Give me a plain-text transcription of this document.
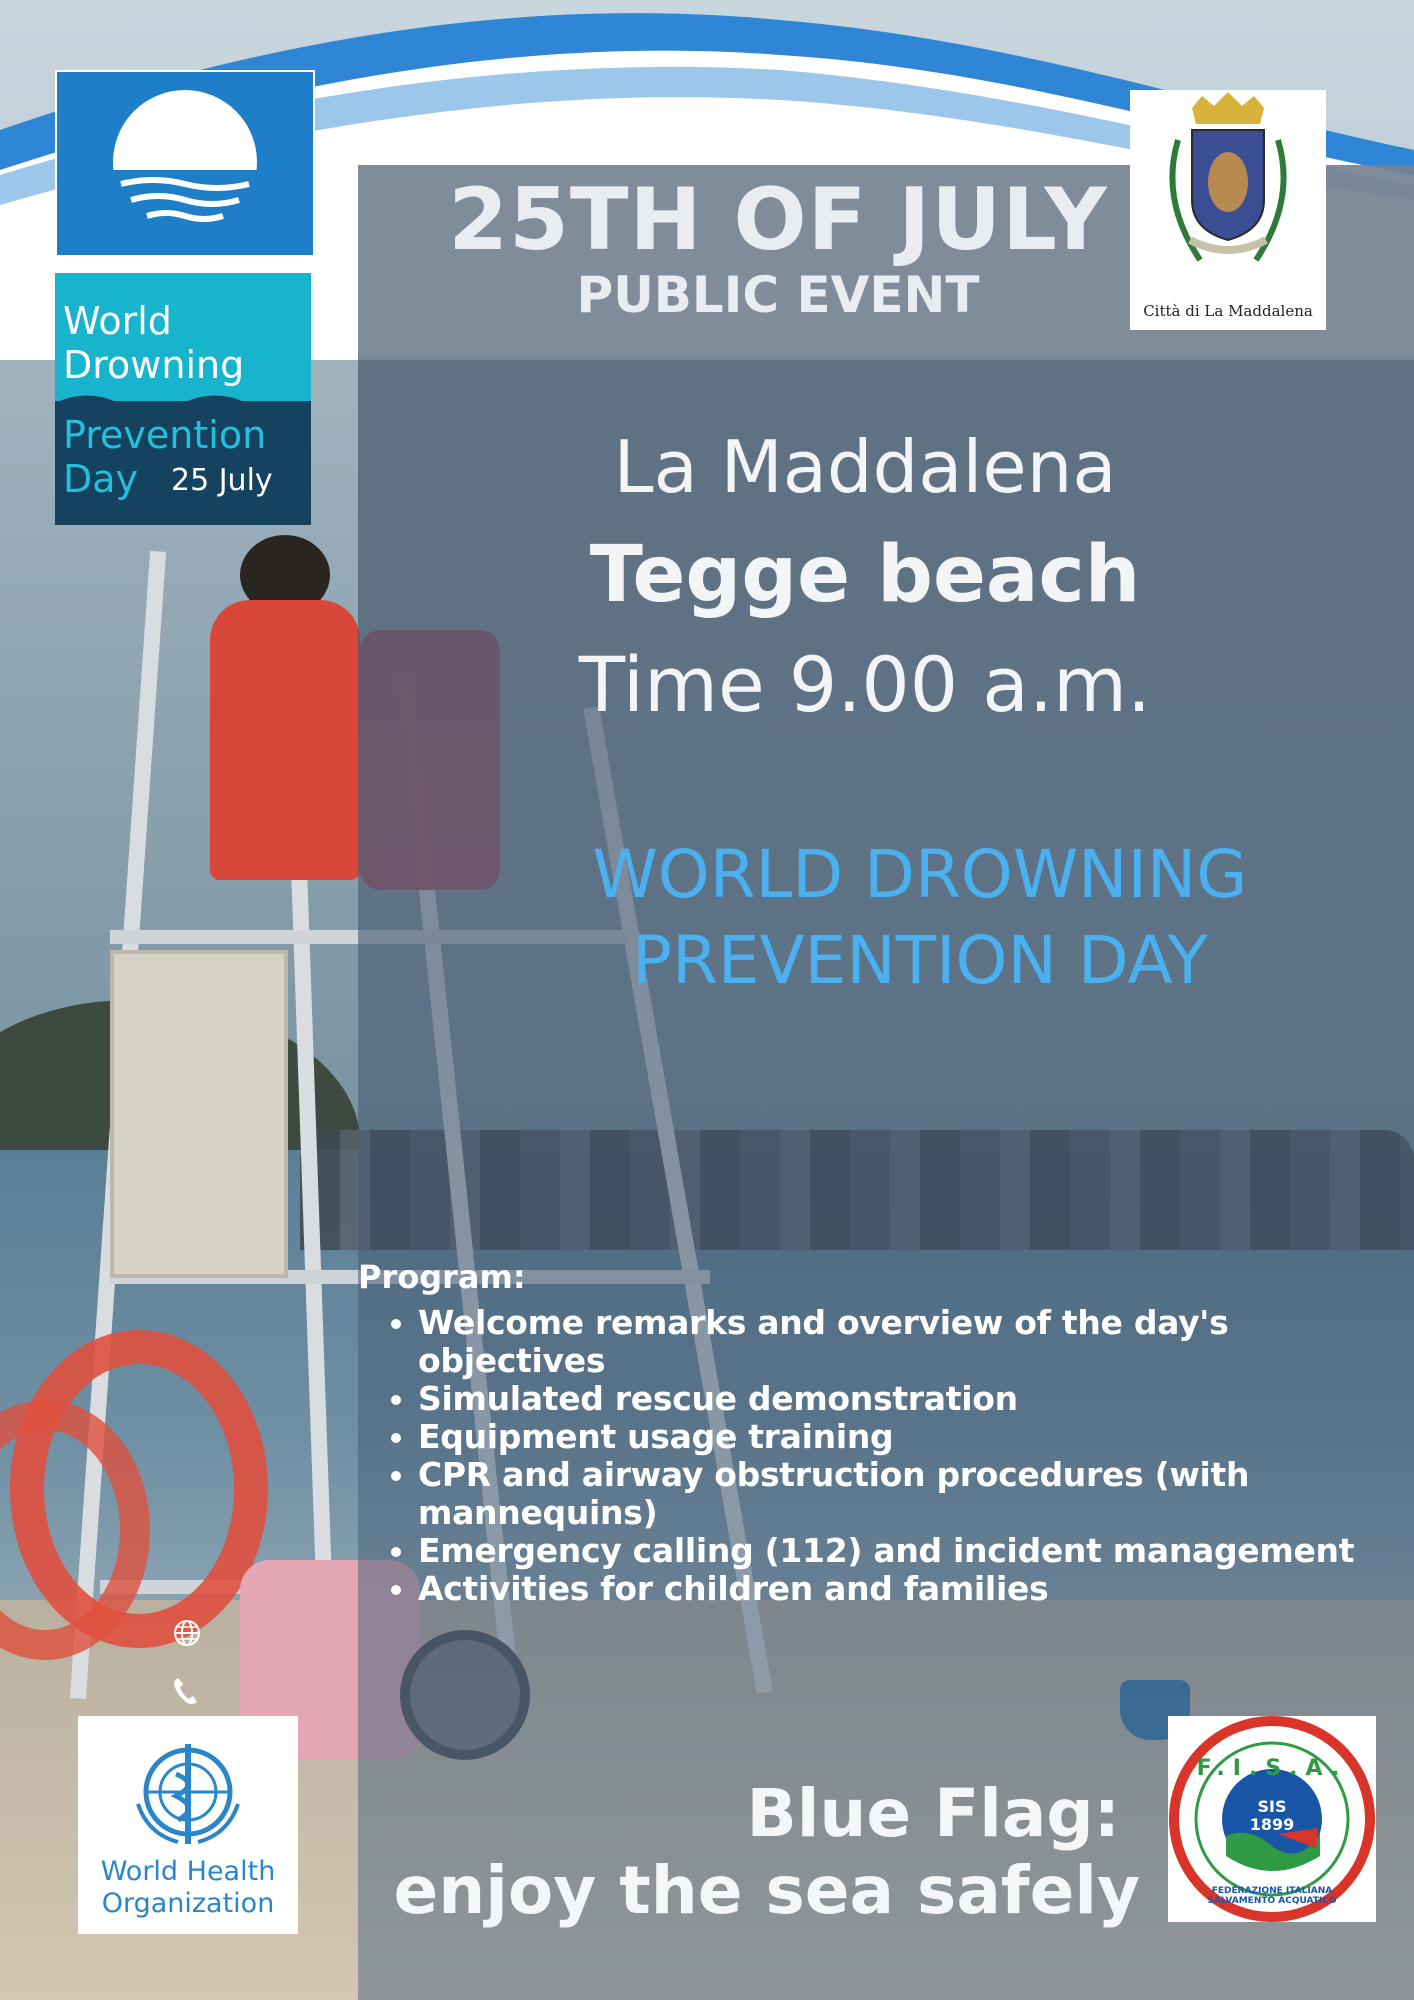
25TH OF JULY
PUBLIC EVENT
La Maddalena
Tegge beach
Time 9.00 a.m.
WORLD DROWNING
PREVENTION DAY
Program:
• Welcome remarks and overview of the day's objectives
• Simulated rescue demonstration
• Equipment usage training
• CPR and airway obstruction procedures (with mannequins)
• Emergency calling (112) and incident management
• Activities for children and families
Blue Flag:
enjoy the sea safely
World
Drowning
Prevention
Day	25 July
Città di La Maddalena
World Health
Organization
F.I.S.A.
SIS
1899
FEDERAZIONE ITALIANA SALVAMENTO ACQUATICO
